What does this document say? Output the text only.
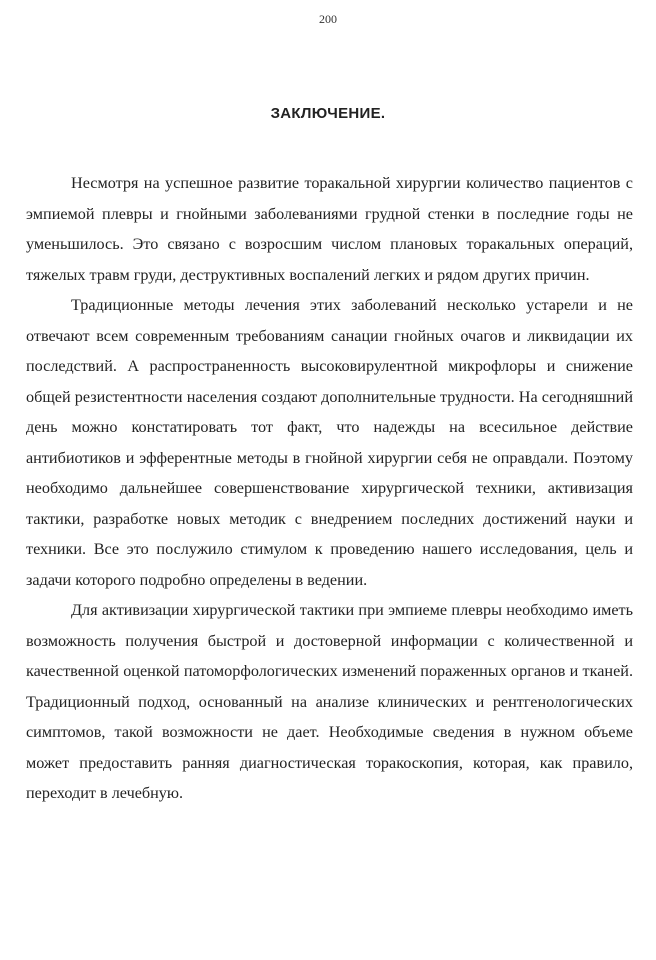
200
ЗАКЛЮЧЕНИЕ.

Несмотря на успешное развитие торакальной хирургии количество пациентов с эмпиемой плевры и гнойными заболеваниями грудной стенки в последние годы не уменьшилось. Это связано с возросшим числом плановых торакальных операций, тяжелых травм груди, деструктивных воспалений легких и рядом других причин.

Традиционные методы лечения этих заболеваний несколько устарели и не отвечают всем современным требованиям санации гнойных очагов и ликвидации их последствий. А распространенность высоковирулентной микрофлоры и снижение общей резистентности населения создают дополнительные трудности. На сегодняшний день можно констатировать тот факт, что надежды на всесильное действие антибиотиков и эфферентные методы в гнойной хирургии себя не оправдали. Поэтому необходимо дальнейшее совершенствование хирургической техники, активизация тактики, разработке новых методик с внедрением последних достижений науки и техники. Все это послужило стимулом к проведению нашего исследования, цель и задачи которого подробно определены в ведении.

Для активизации хирургической тактики при эмпиеме плевры необходимо иметь возможность получения быстрой и достоверной информации с количественной и качественной оценкой патоморфологических изменений пораженных органов и тканей. Традиционный подход, основанный на анализе клинических и рентгенологических симптомов, такой возможности не дает. Необходимые сведения в нужном объеме может предоставить ранняя диагностическая торакоскопия, которая, как правило, переходит в лечебную.
